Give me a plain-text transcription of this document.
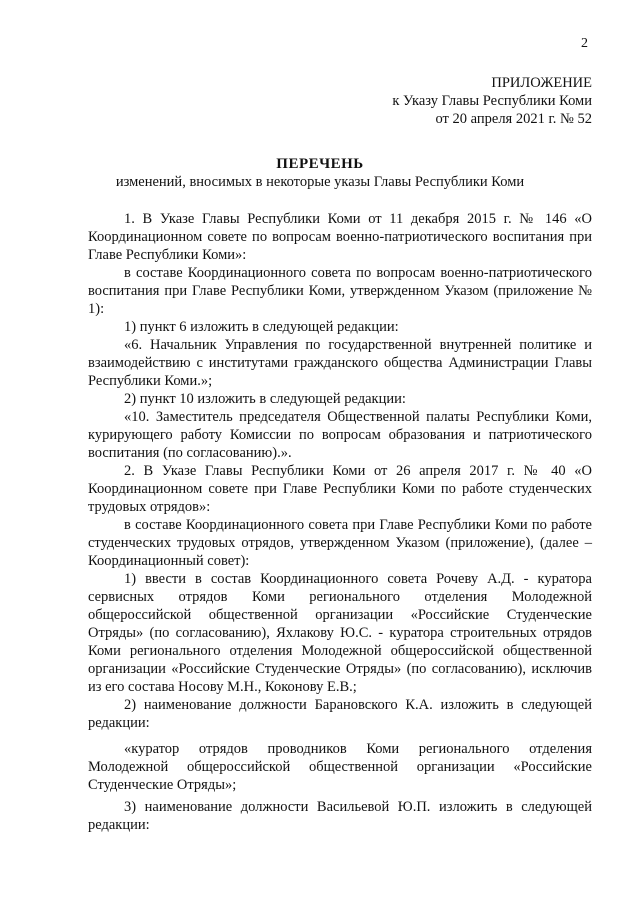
2
ПРИЛОЖЕНИЕ
к Указу Главы Республики Коми
от 20 апреля 2021 г. № 52
ПЕРЕЧЕНЬ
изменений, вносимых в некоторые указы Главы Республики Коми

1. В Указе Главы Республики Коми от 11 декабря 2015 г. № 146 «О Координационном совете по вопросам военно-патриотического воспитания при Главе Республики Коми»:

в составе Координационного совета по вопросам военно-патриотического воспитания при Главе Республики Коми, утвержденном Указом (приложение № 1):

1) пункт 6 изложить в следующей редакции:

«6. Начальник Управления по государственной внутренней политике и взаимодействию с институтами гражданского общества Администрации Главы Республики Коми.»;

2) пункт 10 изложить в следующей редакции:

«10. Заместитель председателя Общественной палаты Республики Коми, курирующего работу Комиссии по вопросам образования и патриотического воспитания (по согласованию).».

2. В Указе Главы Республики Коми от 26 апреля 2017 г. № 40 «О Координационном совете при Главе Республики Коми по работе студенческих трудовых отрядов»:

в составе Координационного совета при Главе Республики Коми по работе студенческих трудовых отрядов, утвержденном Указом (приложение), (далее – Координационный совет):

1) ввести в состав Координационного совета Рочеву А.Д. - куратора сервисных отрядов Коми регионального отделения Молодежной общероссийской общественной организации «Российские Студенческие Отряды» (по согласованию), Яхлакову Ю.С. - куратора строительных отрядов Коми регионального отделения Молодежной общероссийской общественной организации «Российские Студенческие Отряды» (по согласованию), исключив из его состава Носову М.Н., Коконову Е.В.;

2) наименование должности Барановского К.А. изложить в следующей редакции:

«куратор отрядов проводников Коми регионального отделения Молодежной общероссийской общественной организации «Российские Студенческие Отряды»;

3) наименование должности Васильевой Ю.П. изложить в следующей редакции:
